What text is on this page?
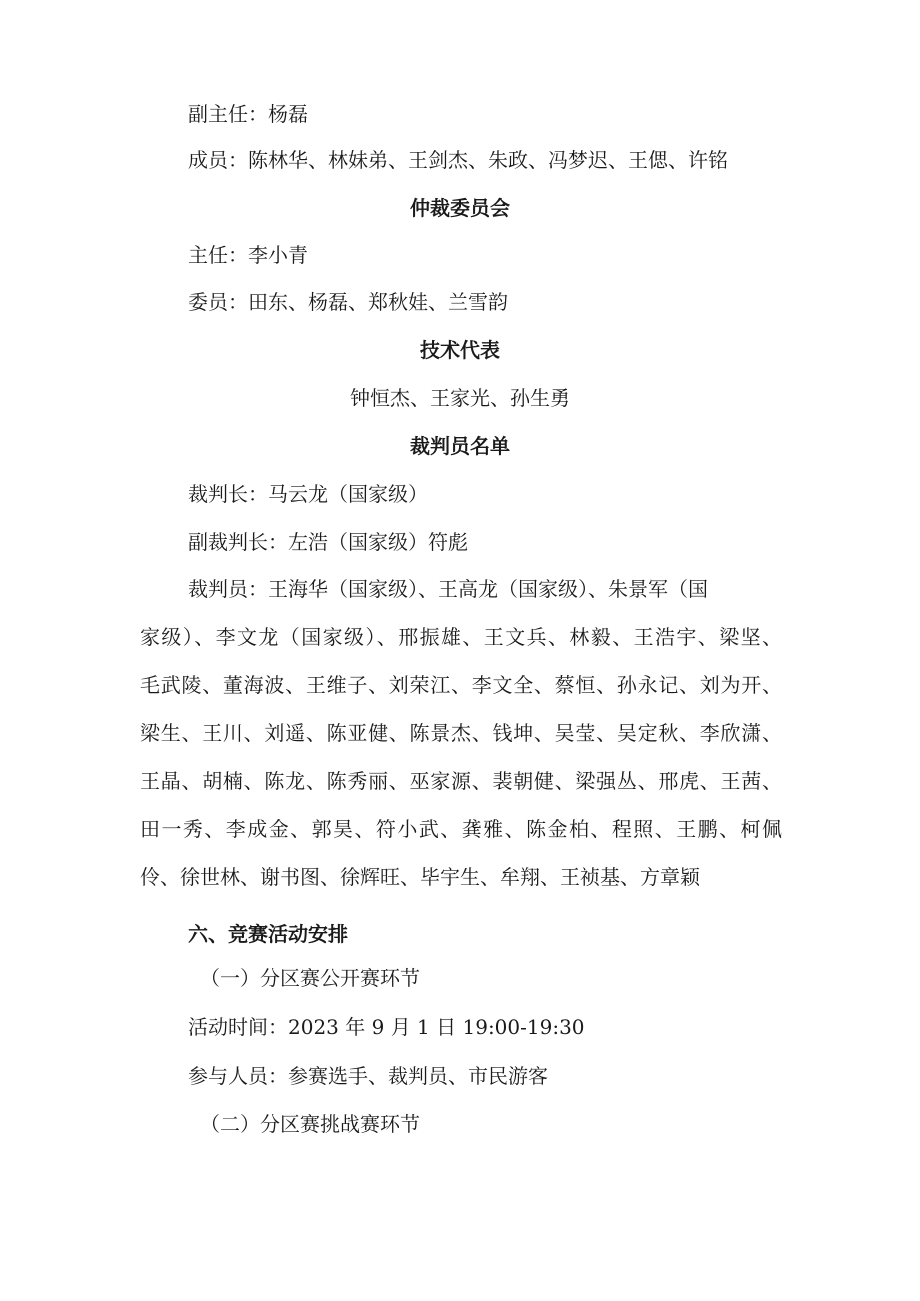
副主任：杨磊
成员：陈林华、林妹弟、王剑杰、朱政、冯梦迟、王偲、许铭
仲裁委员会
主任：李小青
委员：田东、杨磊、郑秋娃、兰雪韵
技术代表
钟恒杰、王家光、孙生勇
裁判员名单
裁判长：马云龙（国家级）
副裁判长：左浩（国家级）符彪
裁判员：王海华（国家级）、王高龙（国家级）、朱景军（国
家级）、李文龙（国家级）、邢振雄、王文兵、林毅、王浩宇、梁坚、
毛武陵、董海波、王维子、刘荣江、李文全、蔡恒、孙永记、刘为开、
梁生、王川、刘遥、陈亚健、陈景杰、钱坤、吴莹、吴定秋、李欣潇、
王晶、胡楠、陈龙、陈秀丽、巫家源、裴朝健、梁强丛、邢虎、王茜、
田一秀、李成金、郭昊、符小武、龚雅、陈金柏、程照、王鹏、柯佩
伶、徐世林、谢书图、徐辉旺、毕宇生、牟翔、王祯基、方章颖
六、竞赛活动安排
（一）分区赛公开赛环节
活动时间：2023 年 9 月 1 日 19:00-19:30
参与人员：参赛选手、裁判员、市民游客
（二）分区赛挑战赛环节
